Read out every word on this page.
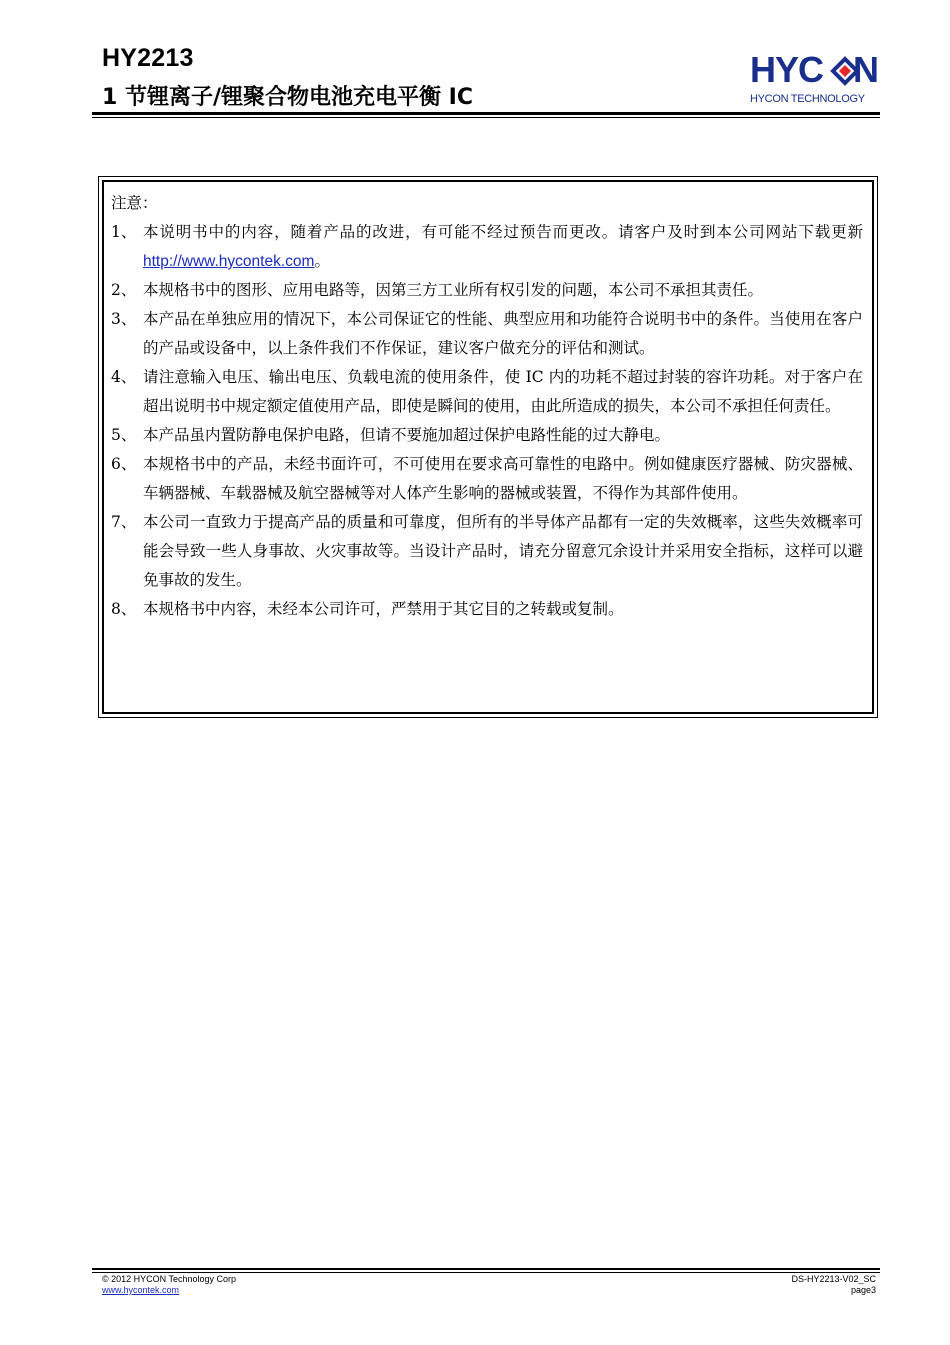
HY2213
1 节锂离子/锂聚合物电池充电平衡 IC
HYC N
HYCON TECHNOLOGY

注意：

1、 本说明书中的内容，随着产品的改进，有可能不经过预告而更改。请客户及时到本公司网站下载更新 http://www.hycontek.com。

2、 本规格书中的图形、应用电路等，因第三方工业所有权引发的问题，本公司不承担其责任。

3、 本产品在单独应用的情况下，本公司保证它的性能、典型应用和功能符合说明书中的条件。当使用在客户的产品或设备中，以上条件我们不作保证，建议客户做充分的评估和测试。

4、 请注意输入电压、输出电压、负载电流的使用条件，使 IC 内的功耗不超过封装的容许功耗。对于客户在超出说明书中规定额定值使用产品，即使是瞬间的使用，由此所造成的损失，本公司不承担任何责任。

5、 本产品虽内置防静电保护电路，但请不要施加超过保护电路性能的过大静电。

6、 本规格书中的产品，未经书面许可，不可使用在要求高可靠性的电路中。例如健康医疗器械、防灾器械、车辆器械、车载器械及航空器械等对人体产生影响的器械或装置，不得作为其部件使用。

7、 本公司一直致力于提高产品的质量和可靠度，但所有的半导体产品都有一定的失效概率，这些失效概率可能会导致一些人身事故、火灾事故等。当设计产品时，请充分留意冗余设计并采用安全指标，这样可以避免事故的发生。

8、 本规格书中内容，未经本公司许可，严禁用于其它目的之转载或复制。

© 2012 HYCON Technology Corp
www.hycontek.com
DS-HY2213-V02_SC
page3
